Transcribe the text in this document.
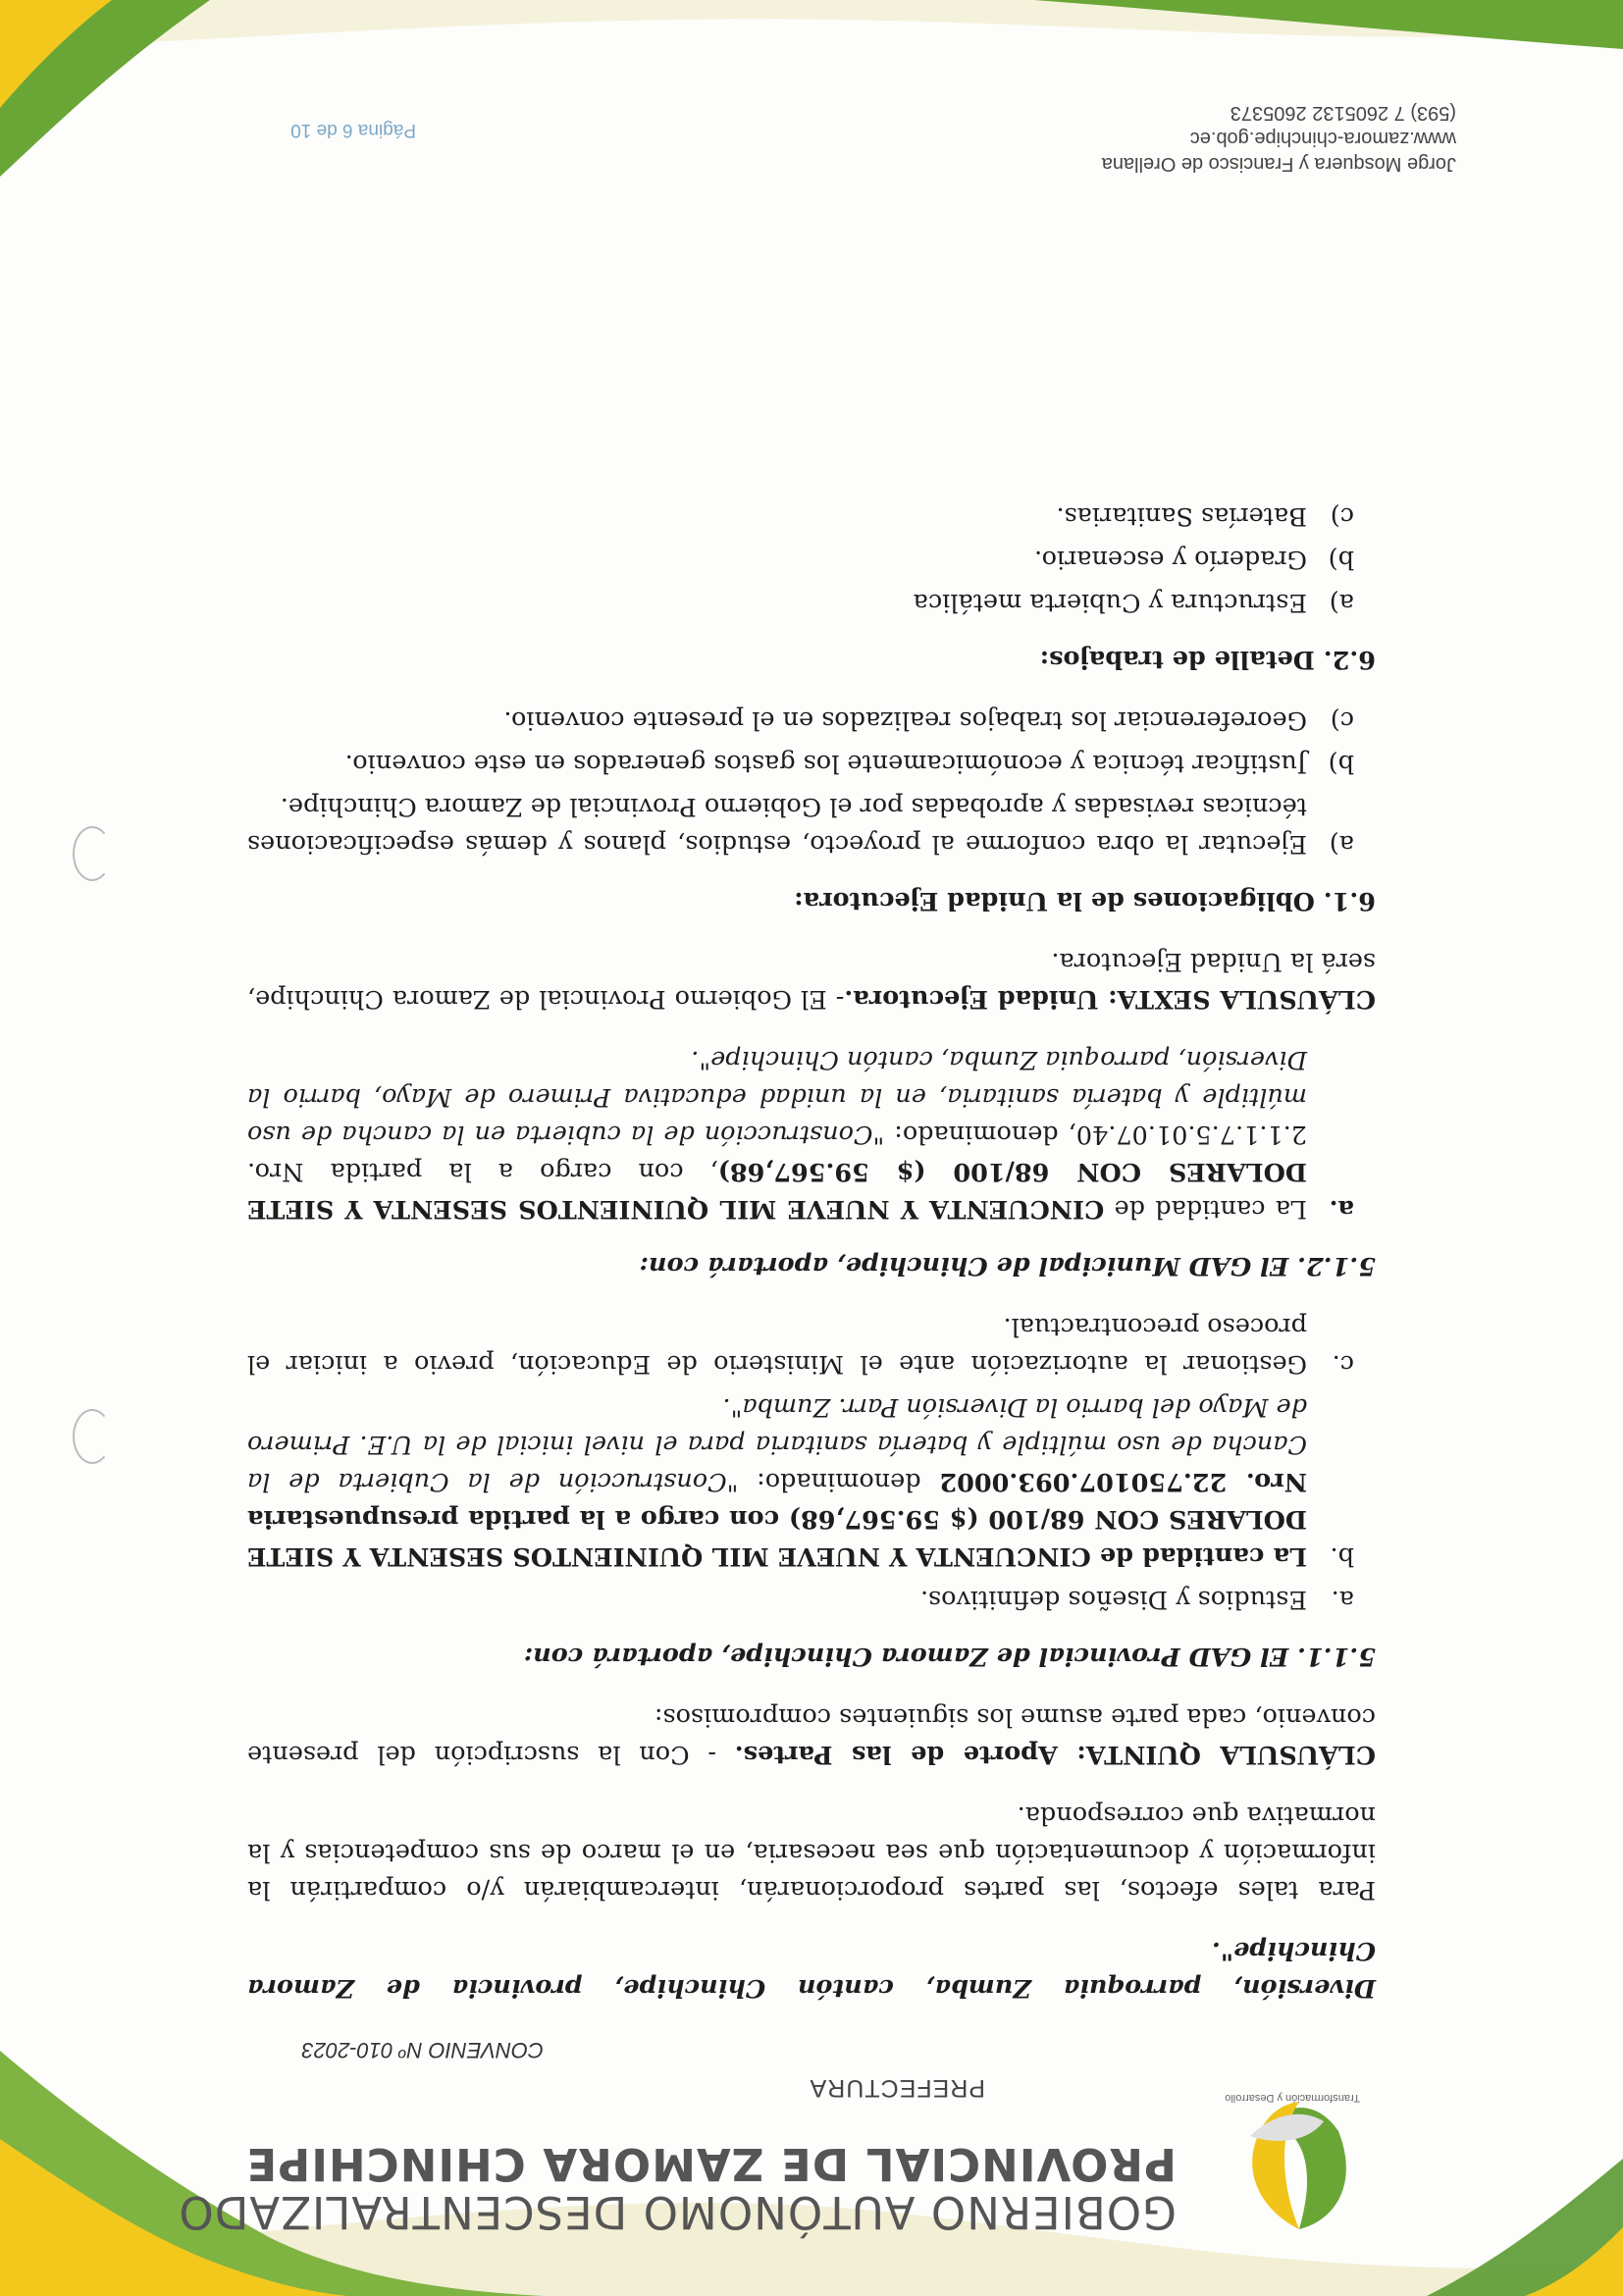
Transformación y Desarrollo
GOBIERNO AUTÓNOMO DESCENTRALIZADO
PROVINCIAL DE ZAMORA CHINCHIPE
PREFECTURA
CONVENIO Nº 010-2023

Diversión, parroquia Zumba, cantón Chinchipe, provincia de Zamora Chinchipe".

Para tales efectos, las partes proporcionarán, intercambiarán y/o compartirán la información y documentación que sea necesaria, en el marco de sus competencias y la normativa que corresponda.

CLÁUSULA QUINTA: Aporte de las Partes. - Con la suscripción del presente convenio, cada parte asume los siguientes compromisos:

5.1.1. El GAD Provincial de Zamora Chinchipe, aportará con:
a.
Estudios y Diseños definitivos.
b.
La cantidad de CINCUENTA Y NUEVE MIL QUINIENTOS SESENTA Y SIETE DOLARES CON 68/100 ($ 59.567,68) con cargo a la partida presupuestaria Nro. 22.750107.093.0002 denominado: "Construcción de la Cubierta de la Cancha de uso múltiple y batería sanitaria para el nivel inicial de la U.E. Primero de Mayo del barrio la Diversión Parr. Zumba".
c.
Gestionar la autorización ante el Ministerio de Educación, previo a iniciar el proceso precontractual.
5.1.2. El GAD Municipal de Chinchipe, aportará con:
a.
La cantidad de CINCUENTA Y NUEVE MIL QUINIENTOS SESENTA Y SIETE DOLARES CON 68/100 ($ 59.567,68), con cargo a la partida Nro. 2.1.1.7.5.01.07.40, denominado: "Construcción de la cubierta en la cancha de uso múltiple y batería sanitaria, en la unidad educativa Primero de Mayo, barrio la Diversión, parroquia Zumba, cantón Chinchipe".

CLÁUSULA SEXTA: Unidad Ejecutora.- El Gobierno Provincial de Zamora Chinchipe, será la Unidad Ejecutora.

6.1. Obligaciones de la Unidad Ejecutora:
a)
Ejecutar la obra conforme al proyecto, estudios, planos y demás especificaciones técnicas revisadas y aprobadas por el Gobierno Provincial de Zamora Chinchipe.
b)
Justificar técnica y económicamente los gastos generados en este convenio.
c)
Georeferenciar los trabajos realizados en el presente convenio.
6.2. Detalle de trabajos:
a)
Estructura y Cubierta metálica
b)
Graderío y escenario.
c)
Baterías Sanitarias.
Jorge Mosquera y Francisco de Orellana
www.zamora-chinchipe.gob.ec
(593) 7 2605132 2605373
Página 6 de 10
